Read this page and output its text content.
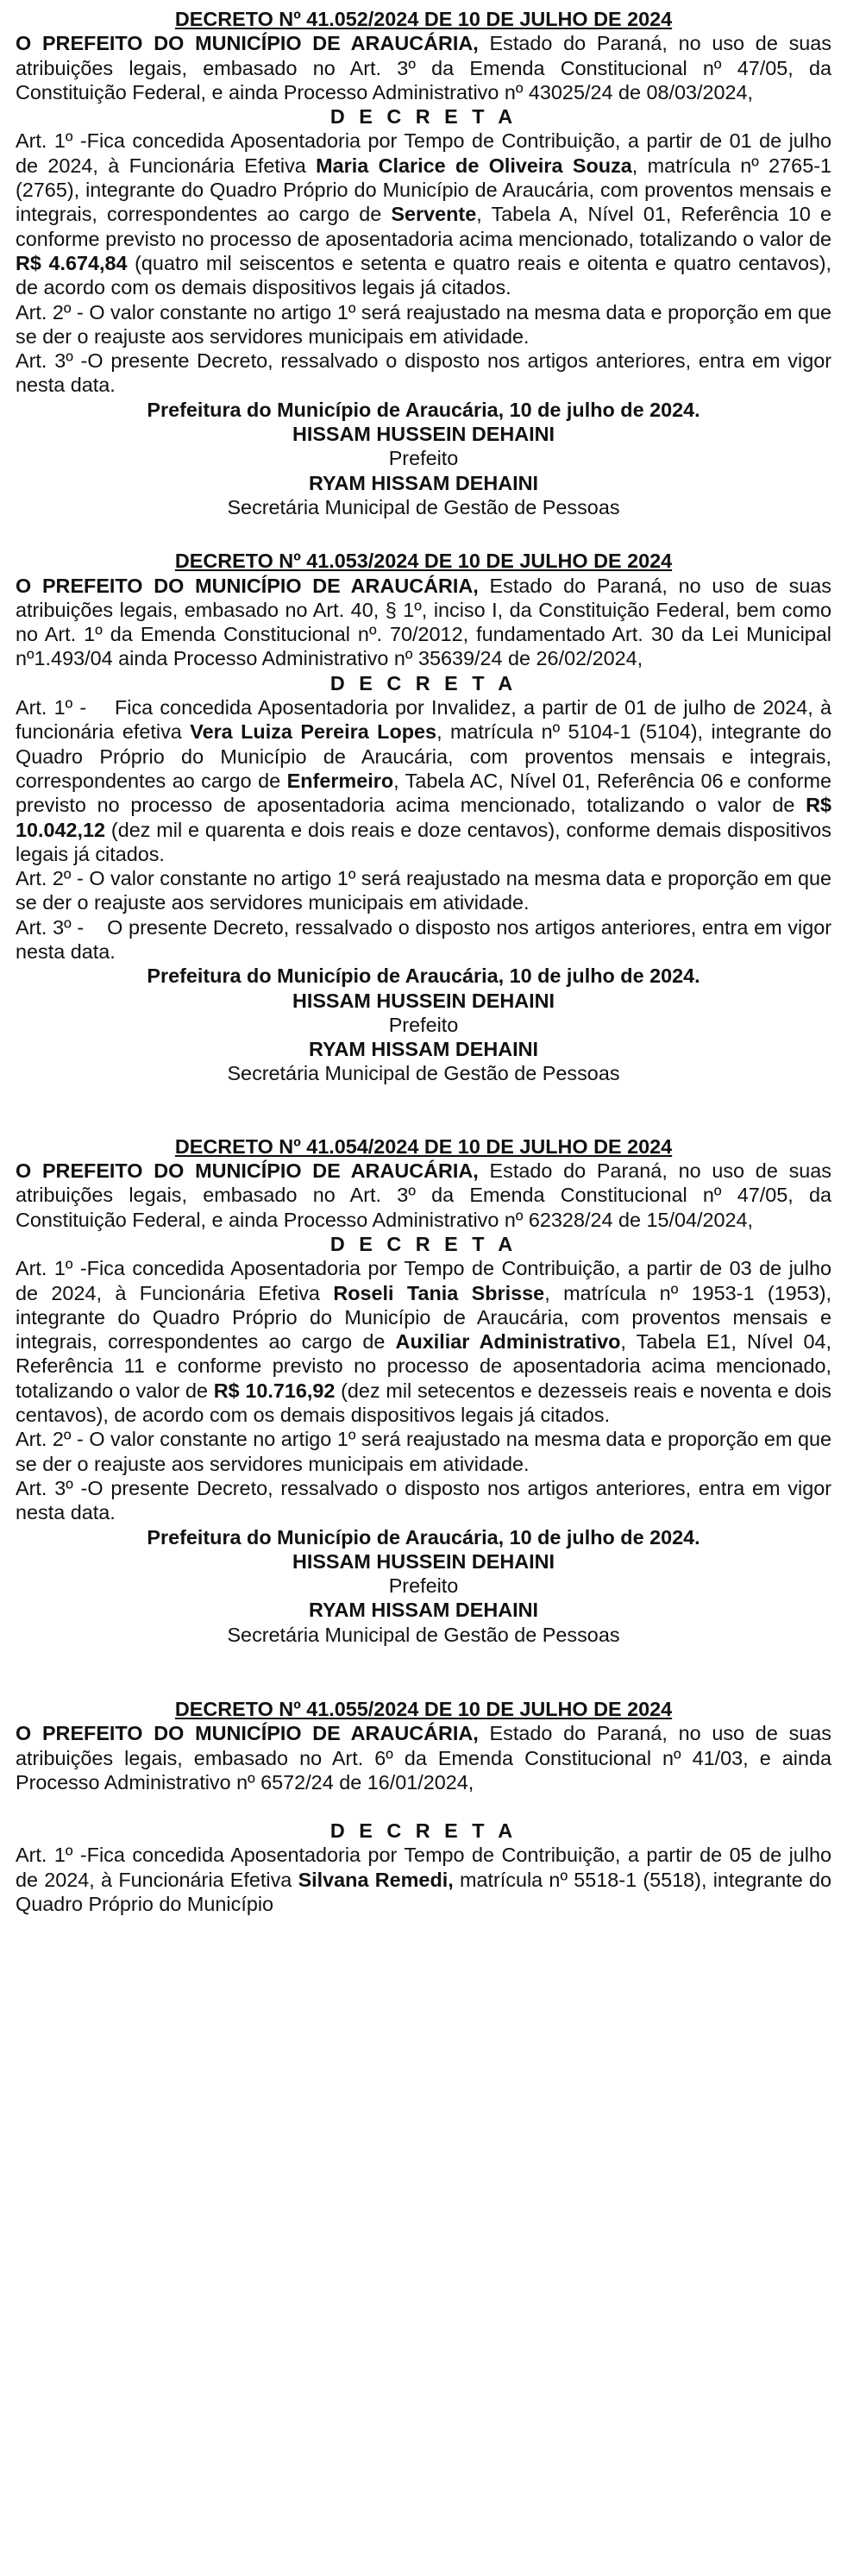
DECRETO Nº 41.052/2024 DE 10 DE JULHO DE 2024

O PREFEITO DO MUNICÍPIO DE ARAUCÁRIA, Estado do Paraná, no uso de suas atribuições legais, embasado no Art. 3º da Emenda Constitucional nº 47/05, da Constituição Federal, e ainda Processo Administrativo nº 43025/24 de 08/03/2024,

D E C R E T A

Art. 1º -Fica concedida Aposentadoria por Tempo de Contribuição, a partir de 01 de julho de 2024, à Funcionária Efetiva Maria Clarice de Oliveira Souza, matrícula nº 2765-1 (2765), integrante do Quadro Próprio do Município de Araucária, com proventos mensais e integrais, correspondentes ao cargo de Servente, Tabela A, Nível 01, Referência 10 e conforme previsto no processo de aposentadoria acima mencionado, totalizando o valor de R$ 4.674,84 (quatro mil seiscentos e setenta e quatro reais e oitenta e quatro centavos), de acordo com os demais dispositivos legais já citados.

Art. 2º - O valor constante no artigo 1º será reajustado na mesma data e proporção em que se der o reajuste aos servidores municipais em atividade.

Art. 3º -O presente Decreto, ressalvado o disposto nos artigos anteriores, entra em vigor nesta data.

Prefeitura do Município de Araucária, 10 de julho de 2024.
HISSAM HUSSEIN DEHAINI
Prefeito
RYAM HISSAM DEHAINI
Secretária Municipal de Gestão de Pessoas
DECRETO Nº 41.053/2024 DE 10 DE JULHO DE 2024

O PREFEITO DO MUNICÍPIO DE ARAUCÁRIA, Estado do Paraná, no uso de suas atribuições legais, embasado no Art. 40, § 1º, inciso I, da Constituição Federal, bem como no Art. 1º da Emenda Constitucional nº. 70/2012, fundamentado Art. 30 da Lei Municipal nº1.493/04 ainda Processo Administrativo nº 35639/24 de 26/02/2024,

D E C R E T A

Art. 1º -    Fica concedida Aposentadoria por Invalidez, a partir de 01 de julho de 2024, à funcionária efetiva Vera Luiza Pereira Lopes, matrícula nº 5104-1 (5104), integrante do Quadro Próprio do Município de Araucária, com proventos mensais e integrais, correspondentes ao cargo de Enfermeiro, Tabela AC, Nível 01, Referência 06 e conforme previsto no processo de aposentadoria acima mencionado, totalizando o valor de R$ 10.042,12 (dez mil e quarenta e dois reais e doze centavos), conforme demais dispositivos legais já citados.

Art. 2º - O valor constante no artigo 1º será reajustado na mesma data e proporção em que se der o reajuste aos servidores municipais em atividade.

Art. 3º -    O presente Decreto, ressalvado o disposto nos artigos anteriores, entra em vigor nesta data.

Prefeitura do Município de Araucária, 10 de julho de 2024.
HISSAM HUSSEIN DEHAINI
Prefeito
RYAM HISSAM DEHAINI
Secretária Municipal de Gestão de Pessoas
DECRETO Nº 41.054/2024 DE 10 DE JULHO DE 2024

O PREFEITO DO MUNICÍPIO DE ARAUCÁRIA, Estado do Paraná, no uso de suas atribuições legais, embasado no Art. 3º da Emenda Constitucional nº 47/05, da Constituição Federal, e ainda Processo Administrativo nº 62328/24 de 15/04/2024,

D E C R E T A

Art. 1º -Fica concedida Aposentadoria por Tempo de Contribuição, a partir de 03 de julho de 2024, à Funcionária Efetiva Roseli Tania Sbrisse, matrícula nº 1953-1 (1953), integrante do Quadro Próprio do Município de Araucária, com proventos mensais e integrais, correspondentes ao cargo de Auxiliar Administrativo, Tabela E1, Nível 04, Referência 11 e conforme previsto no processo de aposentadoria acima mencionado, totalizando o valor de R$ 10.716,92 (dez mil setecentos e dezesseis reais e noventa e dois centavos), de acordo com os demais dispositivos legais já citados.

Art. 2º - O valor constante no artigo 1º será reajustado na mesma data e proporção em que se der o reajuste aos servidores municipais em atividade.

Art. 3º -O presente Decreto, ressalvado o disposto nos artigos anteriores, entra em vigor nesta data.

Prefeitura do Município de Araucária, 10 de julho de 2024.
HISSAM HUSSEIN DEHAINI
Prefeito
RYAM HISSAM DEHAINI
Secretária Municipal de Gestão de Pessoas
DECRETO Nº 41.055/2024 DE 10 DE JULHO DE 2024

O PREFEITO DO MUNICÍPIO DE ARAUCÁRIA, Estado do Paraná, no uso de suas atribuições legais, embasado no Art. 6º da Emenda Constitucional nº 41/03, e ainda Processo Administrativo nº 6572/24 de 16/01/2024,

D E C R E T A

Art. 1º -Fica concedida Aposentadoria por Tempo de Contribuição, a partir de 05 de julho de 2024, à Funcionária Efetiva Silvana Remedi, matrícula nº 5518-1 (5518), integrante do Quadro Próprio do Município
